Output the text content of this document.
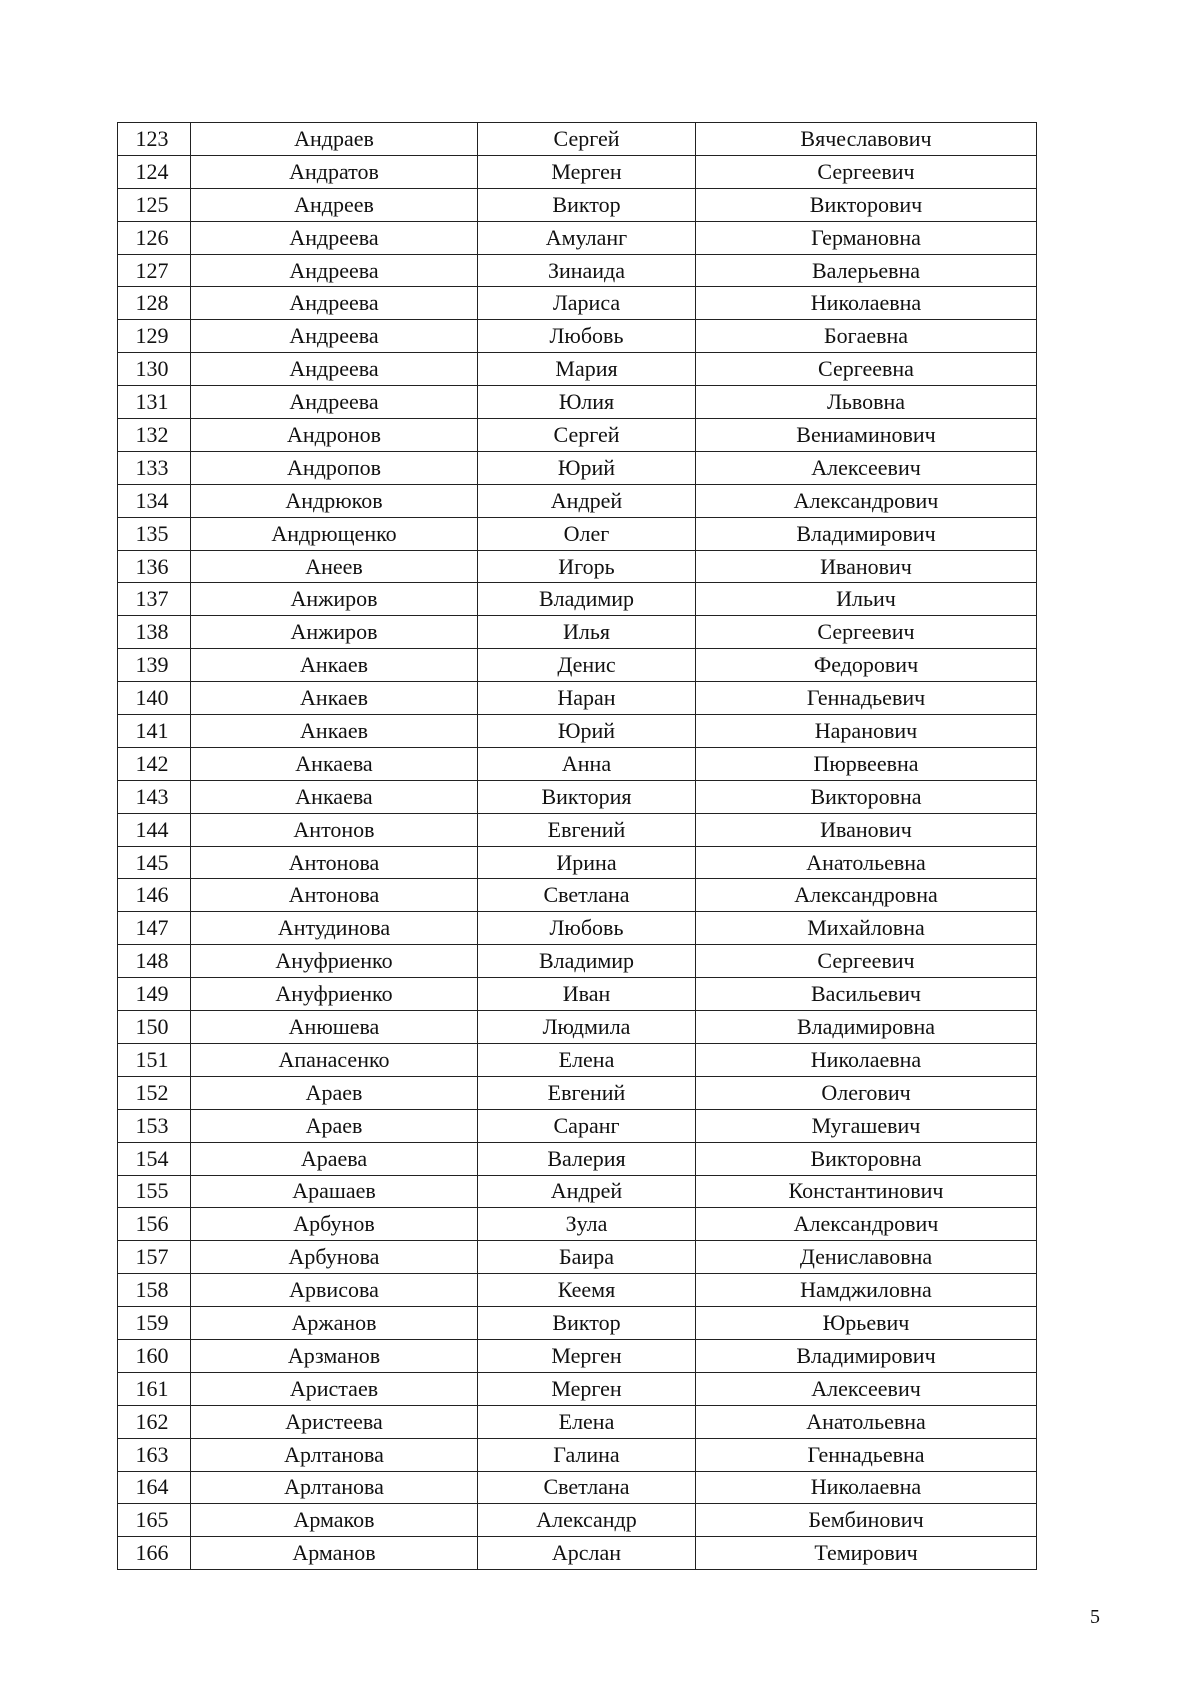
123	Андраев	Сергей	Вячеславович
124	Андратов	Мерген	Сергеевич
125	Андреев	Виктор	Викторович
126	Андреева	Амуланг	Германовна
127	Андреева	Зинаида	Валерьевна
128	Андреева	Лариса	Николаевна
129	Андреева	Любовь	Богаевна
130	Андреева	Мария	Сергеевна
131	Андреева	Юлия	Львовна
132	Андронов	Сергей	Вениаминович
133	Андропов	Юрий	Алексеевич
134	Андрюков	Андрей	Александрович
135	Андрющенко	Олег	Владимирович
136	Анеев	Игорь	Иванович
137	Анжиров	Владимир	Ильич
138	Анжиров	Илья	Сергеевич
139	Анкаев	Денис	Федорович
140	Анкаев	Наран	Геннадьевич
141	Анкаев	Юрий	Наранович
142	Анкаева	Анна	Пюрвеевна
143	Анкаева	Виктория	Викторовна
144	Антонов	Евгений	Иванович
145	Антонова	Ирина	Анатольевна
146	Антонова	Светлана	Александровна
147	Антудинова	Любовь	Михайловна
148	Ануфриенко	Владимир	Сергеевич
149	Ануфриенко	Иван	Васильевич
150	Анюшева	Людмила	Владимировна
151	Апанасенко	Елена	Николаевна
152	Араев	Евгений	Олегович
153	Араев	Саранг	Мугашевич
154	Араева	Валерия	Викторовна
155	Арашаев	Андрей	Константинович
156	Арбунов	Зула	Александрович
157	Арбунова	Баира	Дениславовна
158	Арвисова	Кеемя	Намджиловна
159	Аржанов	Виктор	Юрьевич
160	Арзманов	Мерген	Владимирович
161	Аристаев	Мерген	Алексеевич
162	Аристеева	Елена	Анатольевна
163	Арлтанова	Галина	Геннадьевна
164	Арлтанова	Светлана	Николаевна
165	Армаков	Александр	Бембинович
166	Арманов	Арслан	Темирович
5
